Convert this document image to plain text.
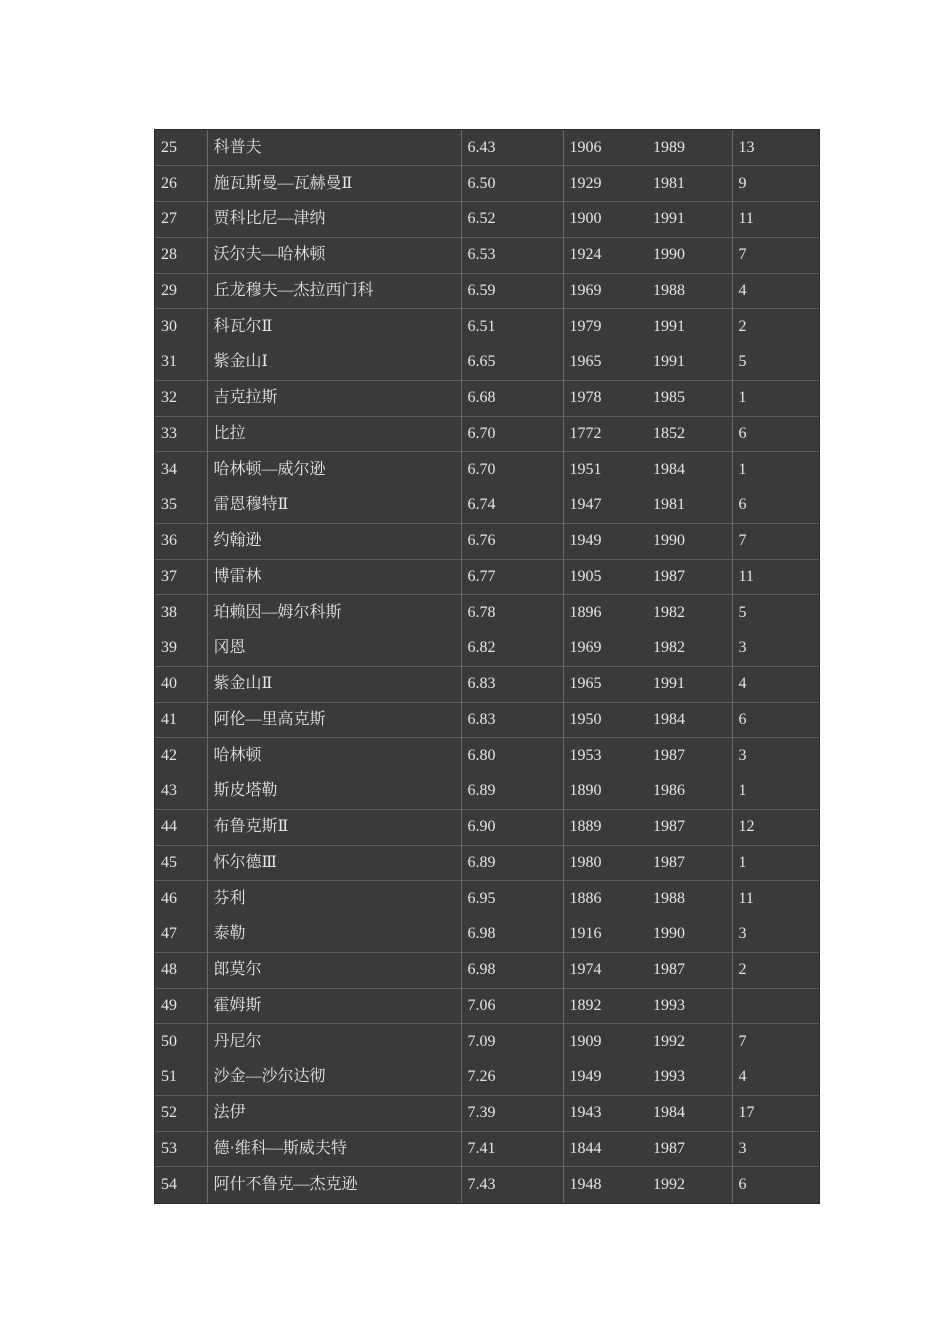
25	科普夫	6.43	1906	1989	13
26	施瓦斯曼—瓦赫曼Ⅱ	6.50	1929	1981	9
27	贾科比尼—津纳	6.52	1900	1991	11
28	沃尔夫—哈林顿	6.53	1924	1990	7
29	丘龙穆夫—杰拉西门科	6.59	1969	1988	4
30	科瓦尔Ⅱ	6.51	1979	1991	2
31	紫金山Ⅰ	6.65	1965	1991	5
32	吉克拉斯	6.68	1978	1985	1
33	比拉	6.70	1772	1852	6
34	哈林顿—威尔逊	6.70	1951	1984	1
35	雷恩穆特Ⅱ	6.74	1947	1981	6
36	约翰逊	6.76	1949	1990	7
37	博雷林	6.77	1905	1987	11
38	珀赖因—姆尔科斯	6.78	1896	1982	5
39	冈恩	6.82	1969	1982	3
40	紫金山Ⅱ	6.83	1965	1991	4
41	阿伦—里高克斯	6.83	1950	1984	6
42	哈林顿	6.80	1953	1987	3
43	斯皮塔勒	6.89	1890	1986	1
44	布鲁克斯Ⅱ	6.90	1889	1987	12
45	怀尔德Ⅲ	6.89	1980	1987	1
46	芬利	6.95	1886	1988	11
47	泰勒	6.98	1916	1990	3
48	郎莫尔	6.98	1974	1987	2
49	霍姆斯	7.06	1892	1993	
50	丹尼尔	7.09	1909	1992	7
51	沙金—沙尔达彻	7.26	1949	1993	4
52	法伊	7.39	1943	1984	17
53	德·维科—斯威夫特	7.41	1844	1987	3
54	阿什不鲁克—杰克逊	7.43	1948	1992	6
